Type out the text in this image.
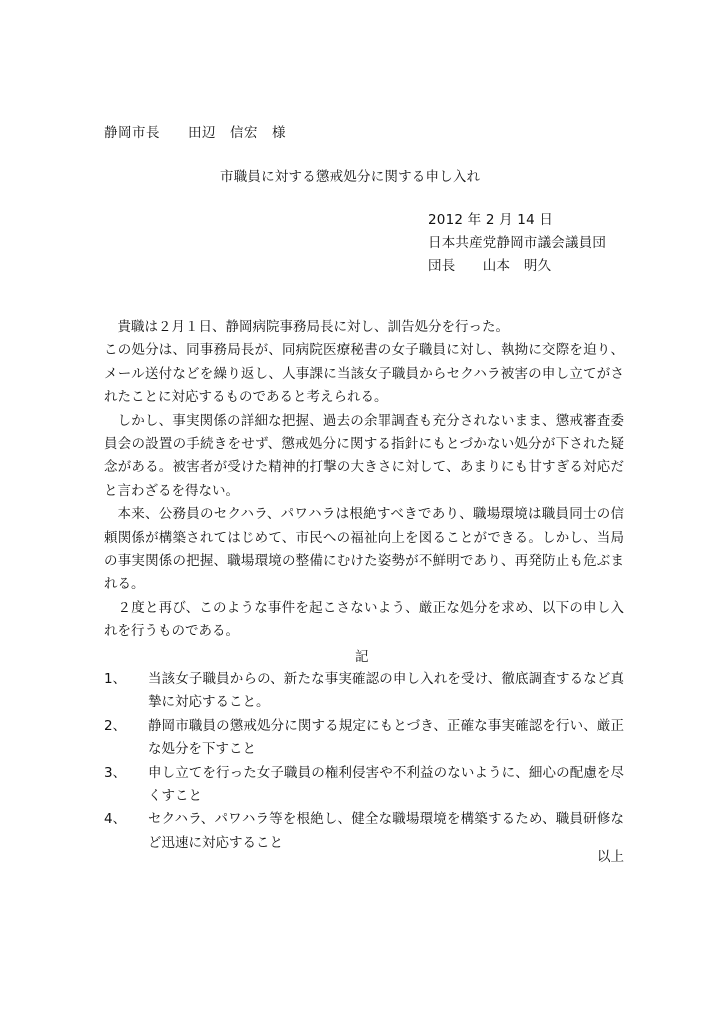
静岡市長　　田辺　信宏　様
市職員に対する懲戒処分に関する申し入れ
2012 年 2 月 14 日
日本共産党静岡市議会議員団
団長　　山本　明久

貴職は２月１日、静岡病院事務局長に対し、訓告処分を行った。

この処分は、同事務局長が、同病院医療秘書の女子職員に対し、執拗に交際を迫り、メール送付などを繰り返し、人事課に当該女子職員からセクハラ被害の申し立てがされたことに対応するものであると考えられる。

しかし、事実関係の詳細な把握、過去の余罪調査も充分されないまま、懲戒審査委員会の設置の手続きをせず、懲戒処分に関する指針にもとづかない処分が下された疑念がある。被害者が受けた精神的打撃の大きさに対して、あまりにも甘すぎる対応だと言わざるを得ない。

本来、公務員のセクハラ、パワハラは根絶すべきであり、職場環境は職員同士の信頼関係が構築されてはじめて、市民への福祉向上を図ることができる。しかし、当局の事実関係の把握、職場環境の整備にむけた姿勢が不鮮明であり、再発防止も危ぶまれる。

２度と再び、このような事件を起こさないよう、厳正な処分を求め、以下の申し入れを行うものである。

記
1、	当該女子職員からの、新たな事実確認の申し入れを受け、徹底調査するなど真摯に対応すること。
2、	静岡市職員の懲戒処分に関する規定にもとづき、正確な事実確認を行い、厳正な処分を下すこと
3、	申し立てを行った女子職員の権利侵害や不利益のないように、細心の配慮を尽くすこと
4、	セクハラ、パワハラ等を根絶し、健全な職場環境を構築するため、職員研修など迅速に対応すること
以上
